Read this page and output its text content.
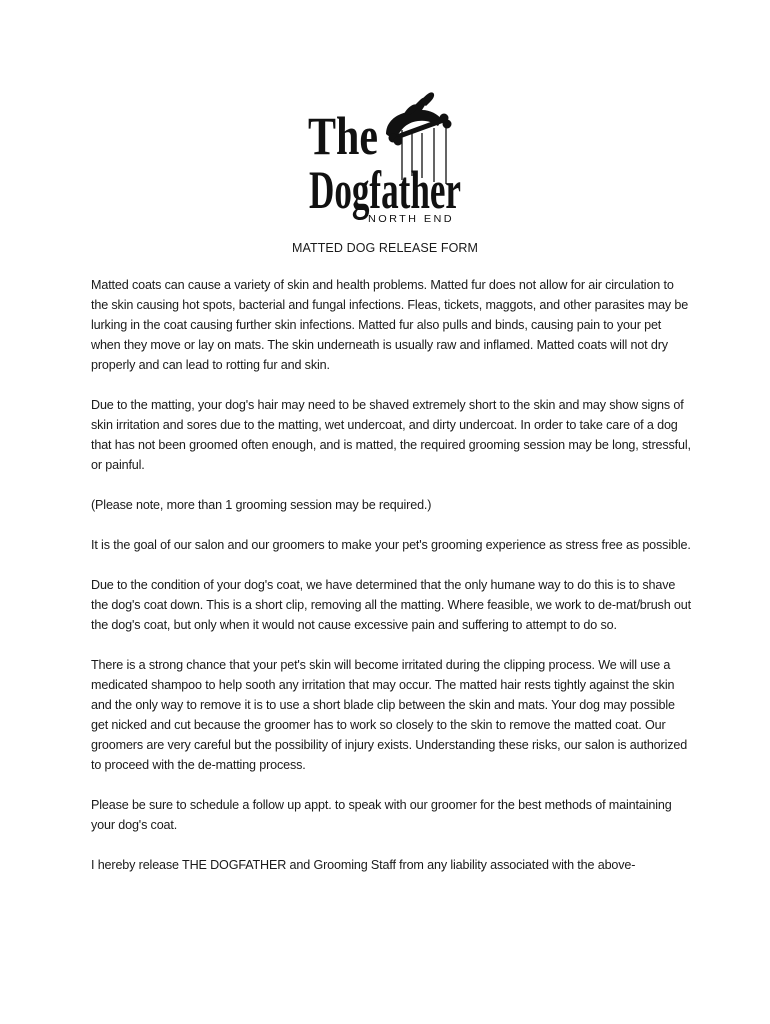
The
Dogfather
NORTH END
MATTED DOG RELEASE FORM

Matted coats can cause a variety of skin and health problems. Matted fur does not allow for air circulation to the skin causing hot spots, bacterial and fungal infections. Fleas, tickets, maggots, and other parasites may be lurking in the coat causing further skin infections. Matted fur also pulls and binds, causing pain to your pet when they move or lay on mats. The skin underneath is usually raw and inflamed. Matted coats will not dry properly and can lead to rotting fur and skin.

Due to the matting, your dog's hair may need to be shaved extremely short to the skin and may show signs of skin irritation and sores due to the matting, wet undercoat, and dirty undercoat. In order to take care of a dog that has not been groomed often enough, and is matted, the required grooming session may be long, stressful, or painful.

(Please note, more than 1 grooming session may be required.)

It is the goal of our salon and our groomers to make your pet's grooming experience as stress free as possible.

Due to the condition of your dog's coat, we have determined that the only humane way to do this is to shave the dog's coat down. This is a short clip, removing all the matting. Where feasible, we work to de-mat/brush out the dog's coat, but only when it would not cause excessive pain and suffering to attempt to do so.

There is a strong chance that your pet's skin will become irritated during the clipping process. We will use a medicated shampoo to help sooth any irritation that may occur. The matted hair rests tightly against the skin and the only way to remove it is to use a short blade clip between the skin and mats. Your dog may possible get nicked and cut because the groomer has to work so closely to the skin to remove the matted coat. Our groomers are very careful but the possibility of injury exists. Understanding these risks, our salon is authorized to proceed with the de-matting process.

Please be sure to schedule a follow up appt. to speak with our groomer for the best methods of maintaining your dog's coat.

I hereby release THE DOGFATHER and Grooming Staff from any liability associated with the above-
